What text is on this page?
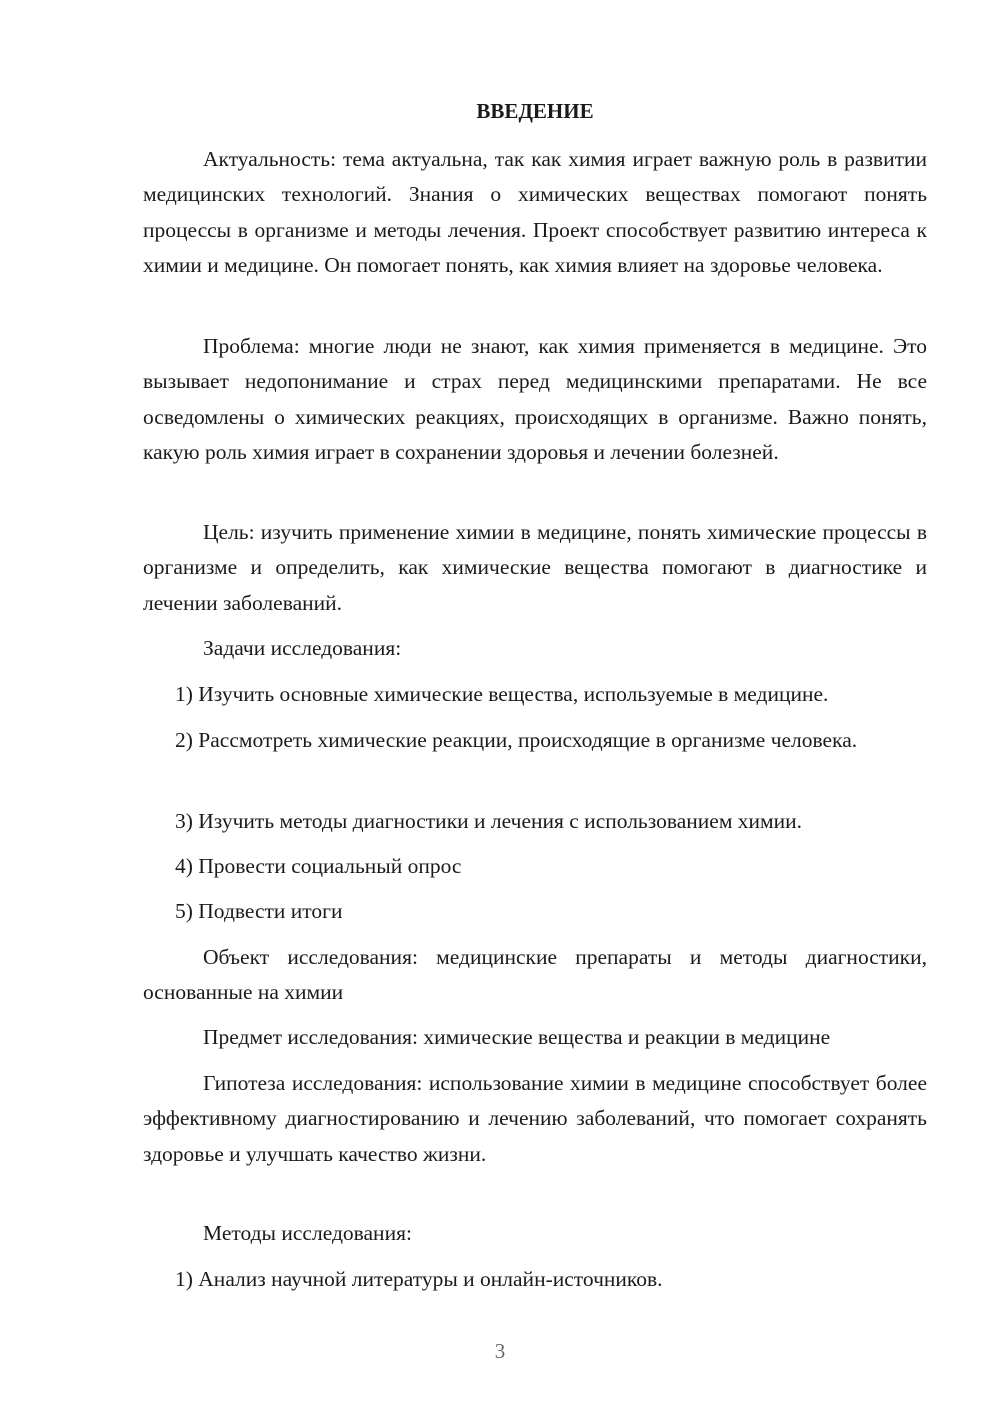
ВВЕДЕНИЕ

Актуальность: тема актуальна, так как химия играет важную роль в развитии медицинских технологий. Знания о химических веществах помогают понять процессы в организме и методы лечения. Проект способствует развитию интереса к химии и медицине. Он помогает понять, как химия влияет на здоровье человека.

Проблема: многие люди не знают, как химия применяется в медицине. Это вызывает недопонимание и страх перед медицинскими препаратами. Не все осведомлены о химических реакциях, происходящих в организме. Важно понять, какую роль химия играет в сохранении здоровья и лечении болезней.

Цель: изучить применение химии в медицине, понять химические процессы в организме и определить, как химические вещества помогают в диагностике и лечении заболеваний.

Задачи исследования:

1) Изучить основные химические вещества, используемые в медицине.

2) Рассмотреть химические реакции, происходящие в организме человека.

3) Изучить методы диагностики и лечения с использованием химии.

4) Провести социальный опрос

5) Подвести итоги

Объект исследования: медицинские препараты и методы диагностики, основанные на химии

Предмет исследования: химические вещества и реакции в медицине

Гипотеза исследования: использование химии в медицине способствует более эффективному диагностированию и лечению заболеваний, что помогает сохранять здоровье и улучшать качество жизни.

Методы исследования:

1) Анализ научной литературы и онлайн-источников.

3
